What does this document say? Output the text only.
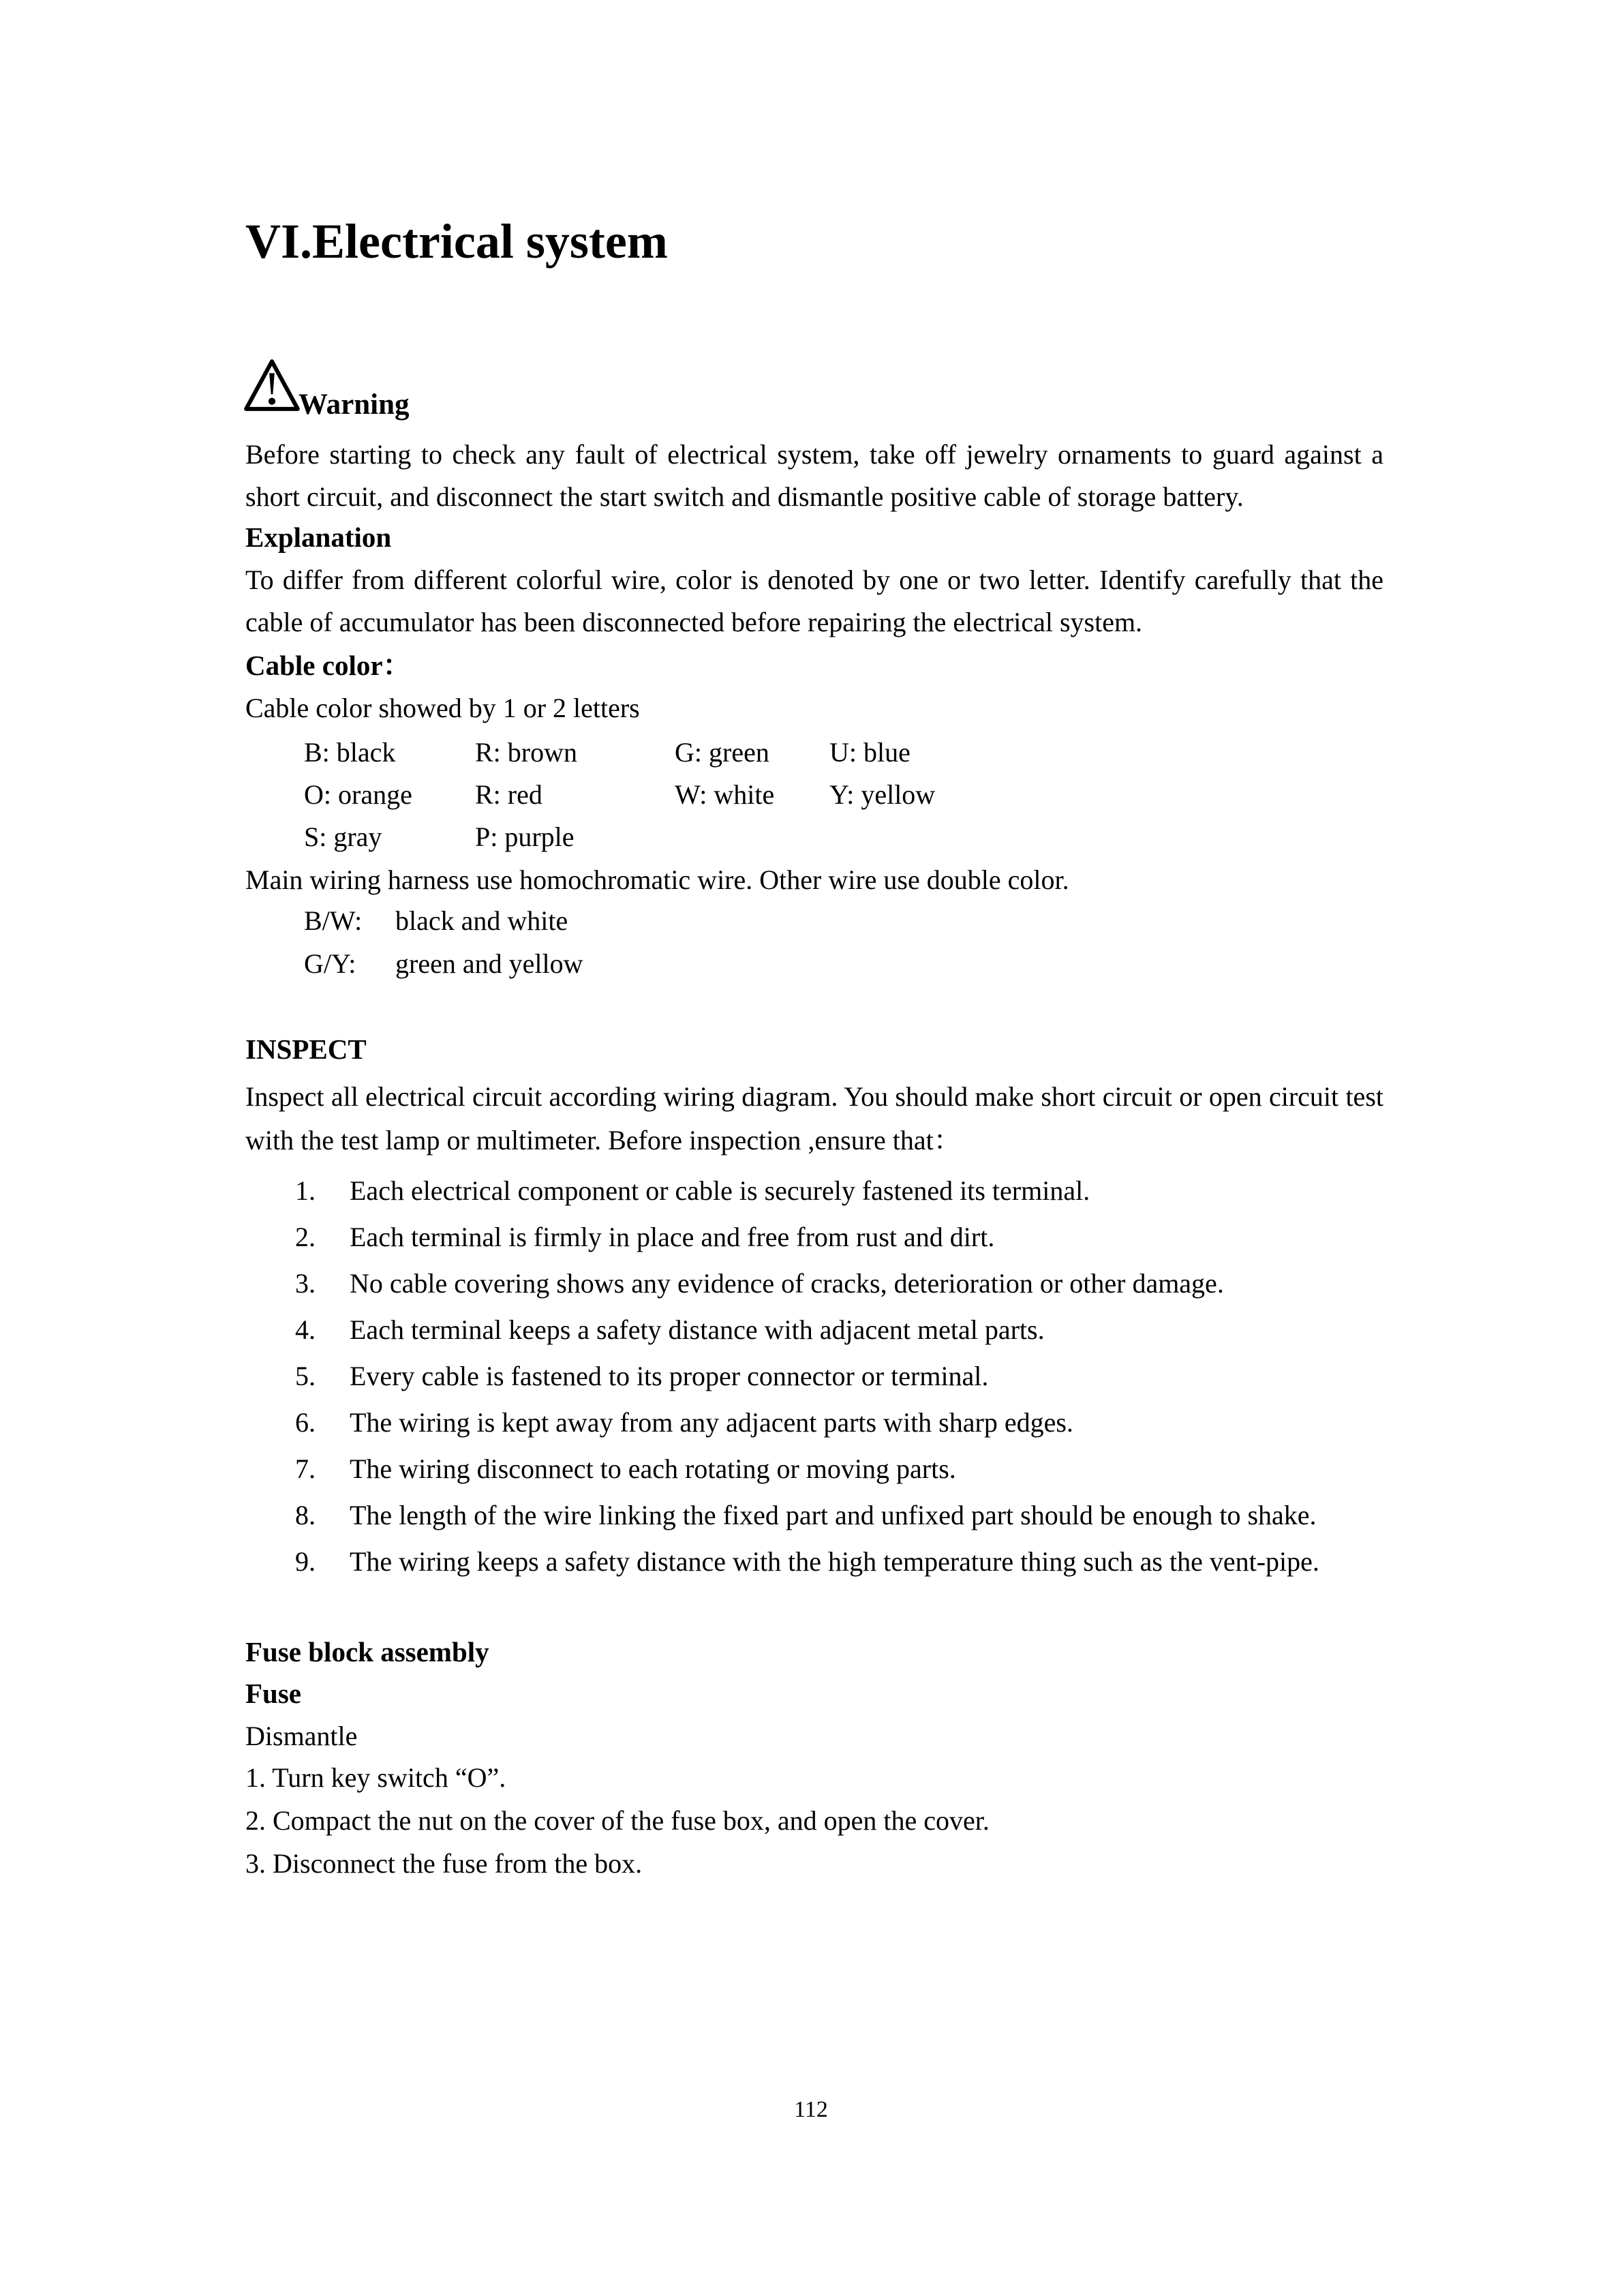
VI.Electrical system
Warning

Before starting to check any fault of electrical system, take off jewelry ornaments to guard against a short circuit, and disconnect the start switch and dismantle positive cable of storage battery.

Explanation

To differ from different colorful wire, color is denoted by one or two letter. Identify carefully that the cable of accumulator has been disconnected before repairing the electrical system.

Cable color：

Cable color showed by 1 or 2 letters

B: black	R: brown	G: green	U: blue
O: orange	R: red	W: white	Y: yellow
S: gray	P: purple

Main wiring harness use homochromatic wire. Other wire use double color.

B/W:	black and white
G/Y:	green and yellow
INSPECT

Inspect all electrical circuit according wiring diagram. You should make short circuit or open circuit test with the test lamp or multimeter. Before inspection ,ensure that：

1.	Each electrical component or cable is securely fastened its terminal.
2.	Each terminal is firmly in place and free from rust and dirt.
3.	No cable covering shows any evidence of cracks, deterioration or other damage.
4.	Each terminal keeps a safety distance with adjacent metal parts.
5.	Every cable is fastened to its proper connector or terminal.
6.	The wiring is kept away from any adjacent parts with sharp edges.
7.	The wiring disconnect to each rotating or moving parts.
8.	The length of the wire linking the fixed part and unfixed part should be enough to shake.
9.	The wiring keeps a safety distance with the high temperature thing such as the vent-pipe.
Fuse block assembly
Fuse

Dismantle

1. Turn key switch “O”.
2. Compact the nut on the cover of the fuse box, and open the cover.
3. Disconnect the fuse from the box.
112
